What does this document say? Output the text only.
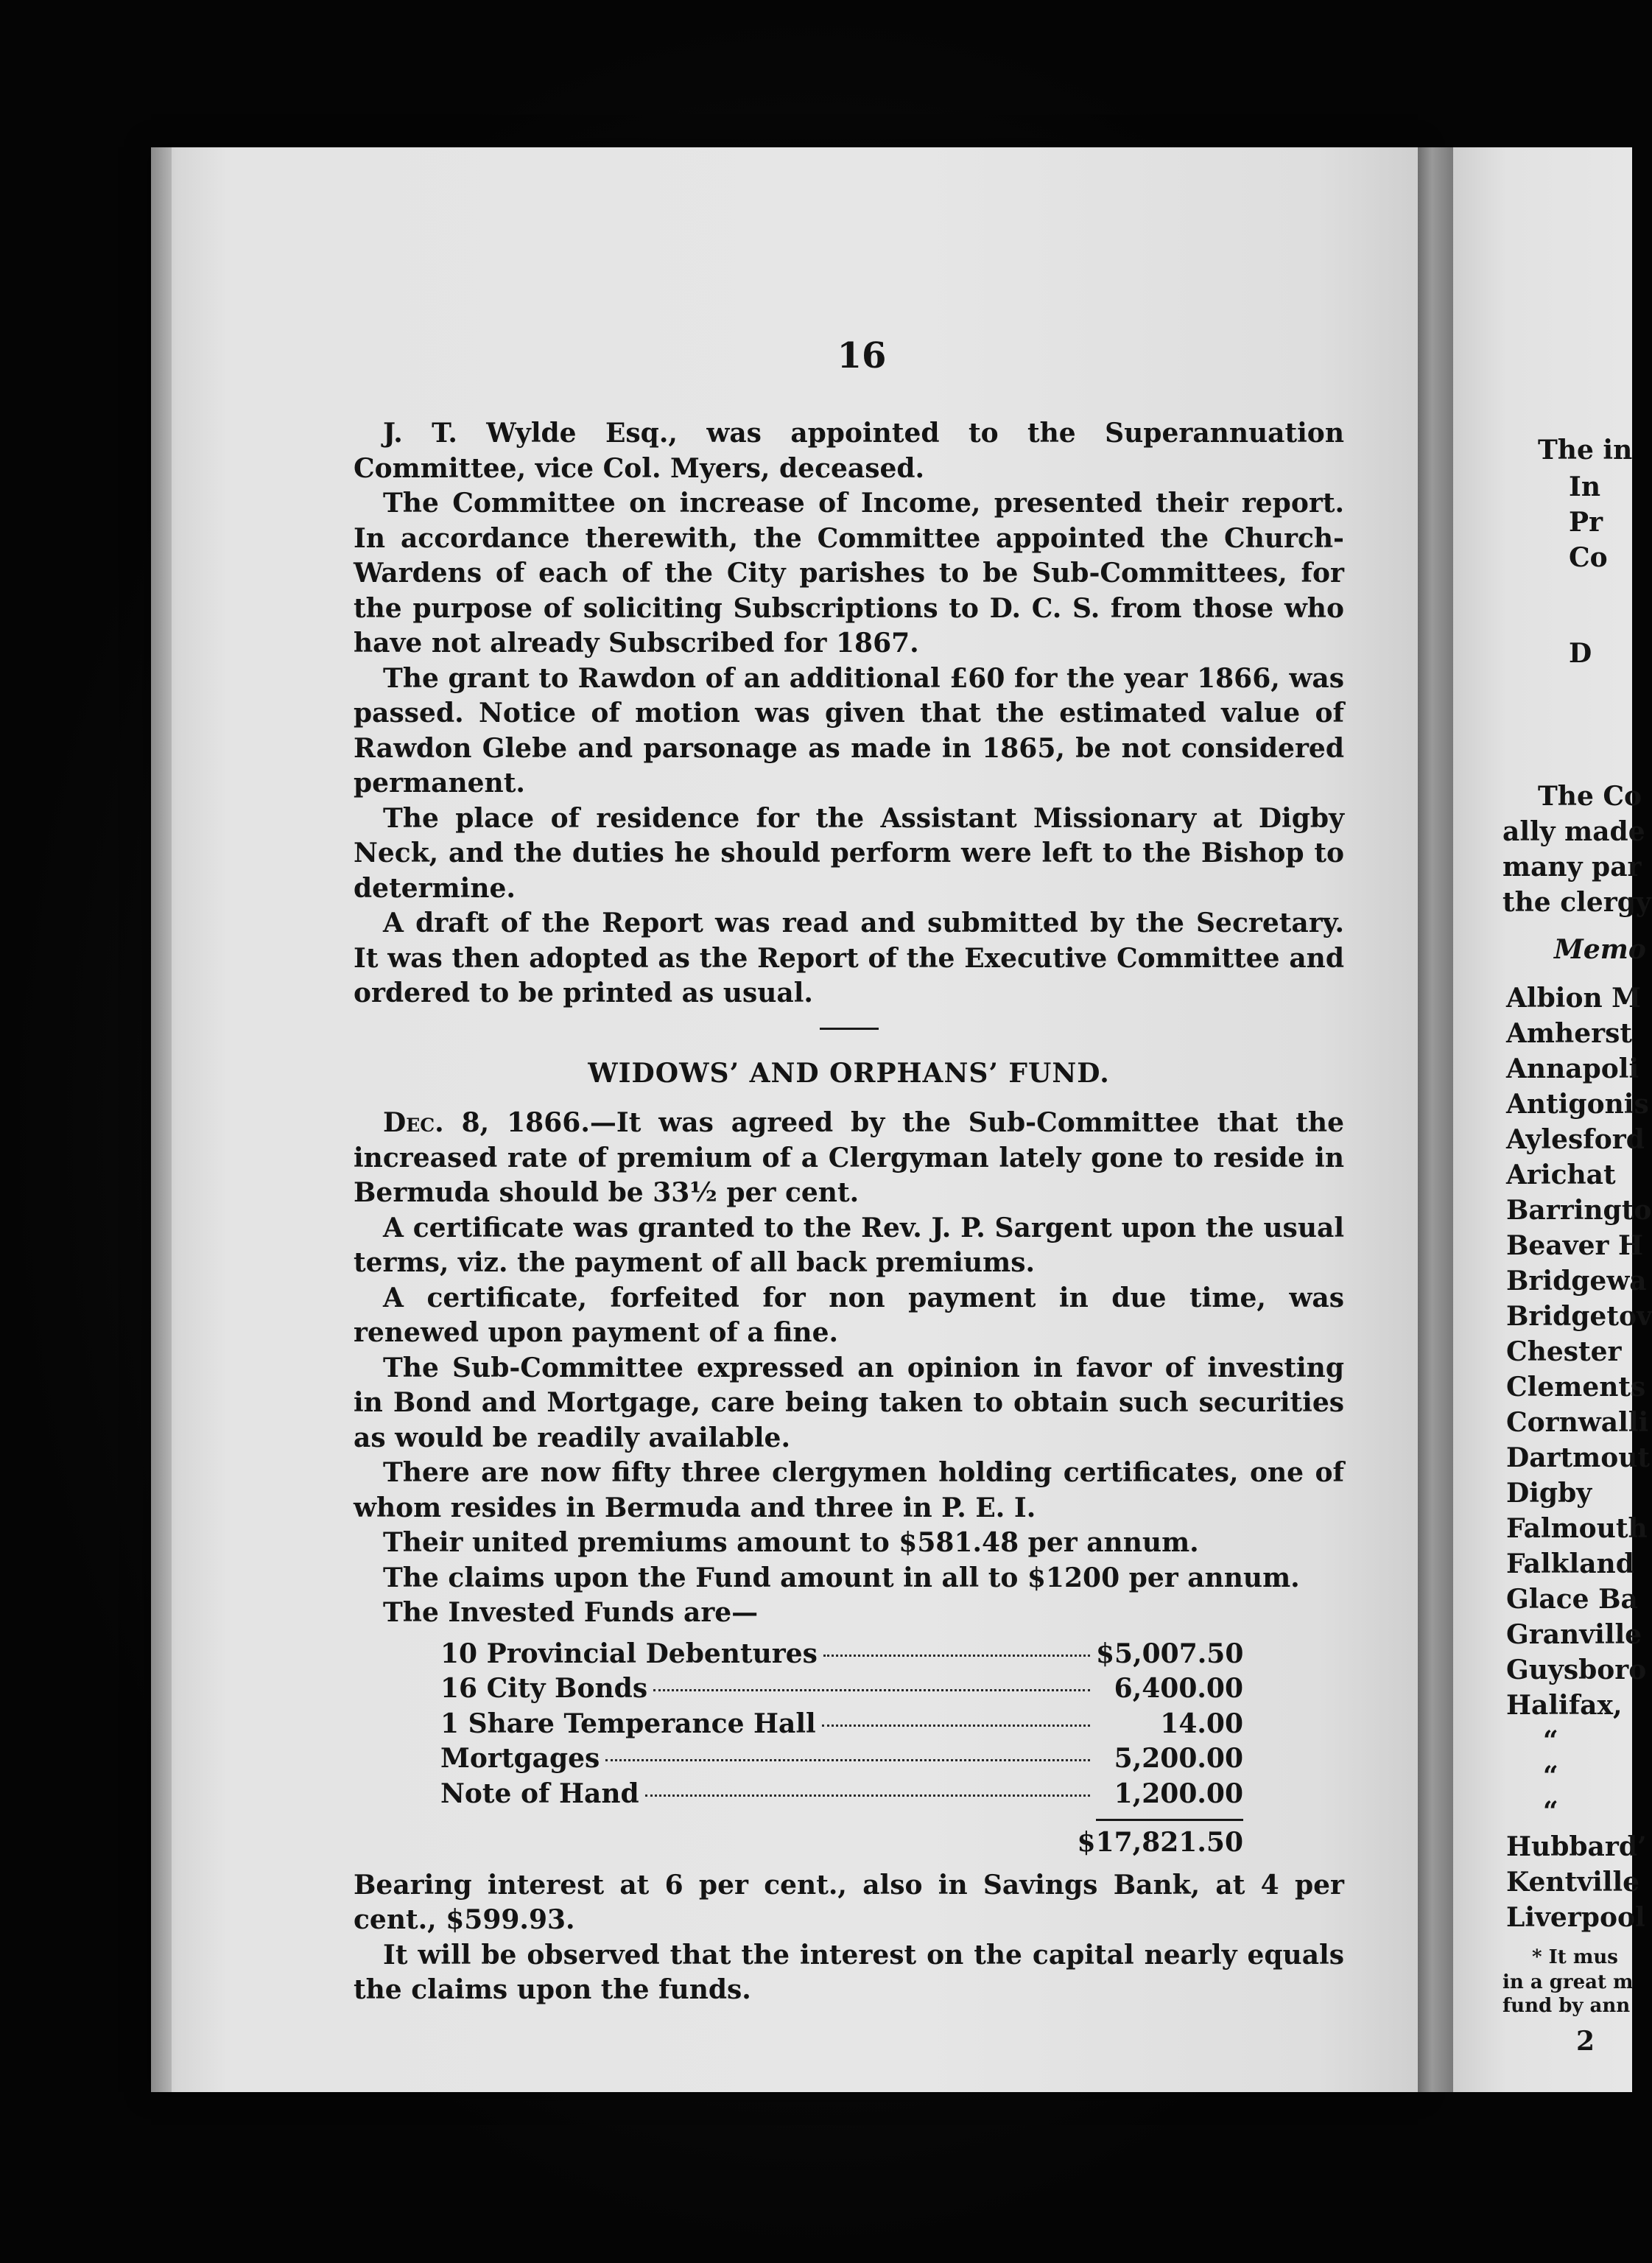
16

J. T. Wylde Esq., was appointed to the Superannuation Committee, vice Col. Myers, deceased.

The Committee on increase of Income, presented their report. In accordance therewith, the Committee appointed the Church-Wardens of each of the City parishes to be Sub-Committees, for the purpose of soliciting Subscriptions to D. C. S. from those who have not already Subscribed for 1867.

The grant to Rawdon of an additional £60 for the year 1866, was passed. Notice of motion was given that the estimated value of Rawdon Glebe and parsonage as made in 1865, be not considered permanent.

The place of residence for the Assistant Missionary at Digby Neck, and the duties he should perform were left to the Bishop to determine.

A draft of the Report was read and submitted by the Secretary. It was then adopted as the Report of the Executive Committee and ordered to be printed as usual.

WIDOWS’ AND ORPHANS’ FUND.

Dec. 8, 1866.—It was agreed by the Sub-Committee that the increased rate of premium of a Clergyman lately gone to reside in Bermuda should be 33½ per cent.

A certificate was granted to the Rev. J. P. Sargent upon the usual terms, viz. the payment of all back premiums.

A certificate, forfeited for non payment in due time, was renewed upon payment of a fine.

The Sub-Committee expressed an opinion in favor of investing in Bond and Mortgage, care being taken to obtain such securities as would be readily available.

There are now fifty three clergymen holding certificates, one of whom resides in Bermuda and three in P. E. I.

Their united premiums amount to $581.48 per annum.

The claims upon the Fund amount in all to $1200 per annum.

The Invested Funds are—

10 Provincial Debentures	$5,007.50
16 City Bonds	6,400.00
1 Share Temperance Hall	14.00
Mortgages	5,200.00
Note of Hand	1,200.00
$17,821.50

Bearing interest at 6 per cent., also in Savings Bank, at 4 per cent., $599.93.

It will be observed that the interest on the capital nearly equals the claims upon the funds.

The in
In
Pr
Co
D
The Co
ally made
many par
the clergy
Memo
Albion M
Amherst
Annapoli
Antigonis
Aylesford
Arichat
Barringto
Beaver H
Bridgewa
Bridgetov
Chester
Clements
Cornwalli
Dartmout
Digby
Falmouth
Falkland
Glace Ba
Granville
Guysboro
Halifax,
“
“
“
Hubbard’
Kentville
Liverpool
* It mus
in a great m
fund by ann
2
